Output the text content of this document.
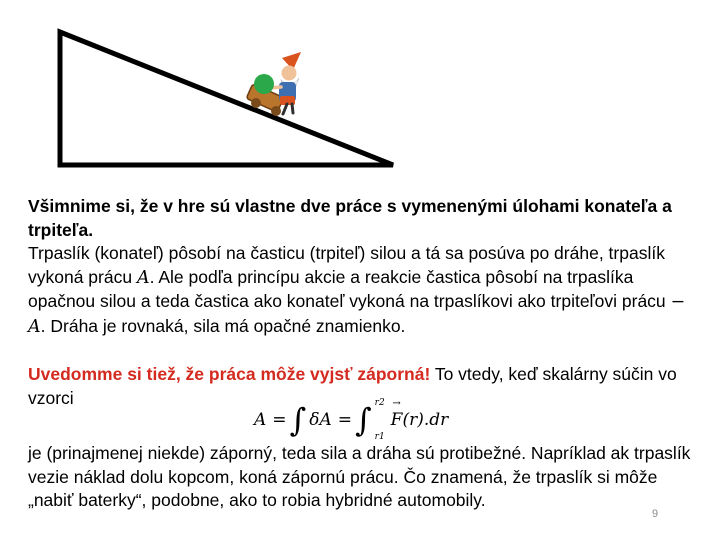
Všimnime si, že v hre sú vlastne dve práce s vymenenými úlohami konateľa a trpiteľa.
Trpaslík (konateľ) pôsobí na časticu (trpiteľ) silou a tá sa posúva po dráhe, trpaslík vykoná prácu A. Ale podľa princípu akcie a reakcie častica pôsobí na trpaslíka opačnou silou a teda častica ako konateľ vykoná na trpaslíkovi ako trpiteľovi prácu − A. Dráha je rovnaká, sila má opačné znamienko.
Uvedomme si tiež, že práca môže vyjsť záporná! To vtedy, keď skalárny súčin vo vzorci
A = ∫ δA = ∫ r2
r1
F → (r) .dr
je (prinajmenej niekde) záporný, teda sila a dráha sú protibežné. Napríklad ak trpaslík vezie náklad dolu kopcom, koná zápornú prácu. Čo znamená, že trpaslík si môže „nabiť baterky“, podobne, ako to robia hybridné automobily.
9
